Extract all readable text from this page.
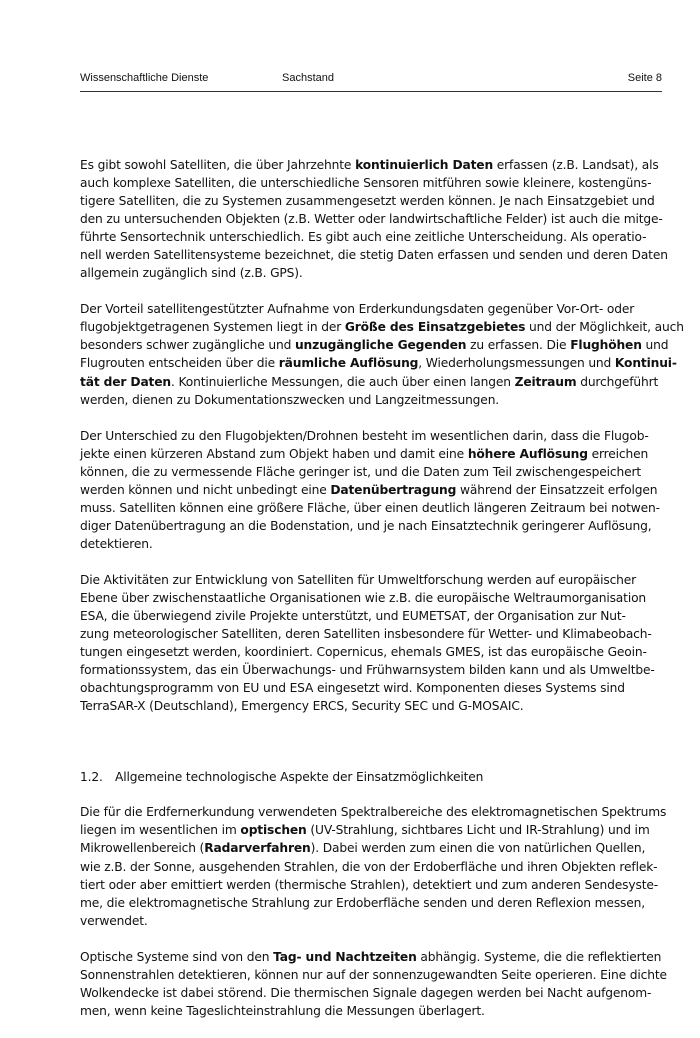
Wissenschaftliche Dienste	Sachstand	Seite 8

Es gibt sowohl Satelliten, die über Jahrzehnte kontinuierlich Daten erfassen (z.B. Landsat), als
auch komplexe Satelliten, die unterschiedliche Sensoren mitführen sowie kleinere, kostengüns-
tigere Satelliten, die zu Systemen zusammengesetzt werden können. Je nach Einsatzgebiet und
den zu untersuchenden Objekten (z.B. Wetter oder landwirtschaftliche Felder) ist auch die mitge-
führte Sensortechnik unterschiedlich. Es gibt auch eine zeitliche Unterscheidung. Als operatio-
nell werden Satellitensysteme bezeichnet, die stetig Daten erfassen und senden und deren Daten
allgemein zugänglich sind (z.B. GPS).

Der Vorteil satellitengestützter Aufnahme von Erderkundungsdaten gegenüber Vor-Ort- oder
flugobjektgetragenen Systemen liegt in der Größe des Einsatzgebietes und der Möglichkeit, auch
besonders schwer zugängliche und unzugängliche Gegenden zu erfassen. Die Flughöhen und
Flugrouten entscheiden über die räumliche Auflösung, Wiederholungsmessungen und Kontinui-
tät der Daten. Kontinuierliche Messungen, die auch über einen langen Zeitraum durchgeführt
werden, dienen zu Dokumentationszwecken und Langzeitmessungen.

Der Unterschied zu den Flugobjekten/Drohnen besteht im wesentlichen darin, dass die Flugob-
jekte einen kürzeren Abstand zum Objekt haben und damit eine höhere Auflösung erreichen
können, die zu vermessende Fläche geringer ist, und die Daten zum Teil zwischengespeichert
werden können und nicht unbedingt eine Datenübertragung während der Einsatzzeit erfolgen
muss. Satelliten können eine größere Fläche, über einen deutlich längeren Zeitraum bei notwen-
diger Datenübertragung an die Bodenstation, und je nach Einsatztechnik geringerer Auflösung,
detektieren.

Die Aktivitäten zur Entwicklung von Satelliten für Umweltforschung werden auf europäischer
Ebene über zwischenstaatliche Organisationen wie z.B. die europäische Weltraumorganisation
ESA, die überwiegend zivile Projekte unterstützt, und EUMETSAT, der Organisation zur Nut-
zung meteorologischer Satelliten, deren Satelliten insbesondere für Wetter- und Klimabeobach-
tungen eingesetzt werden, koordiniert. Copernicus, ehemals GMES, ist das europäische Geoin-
formationssystem, das ein Überwachungs- und Frühwarnsystem bilden kann und als Umweltbe-
obachtungsprogramm von EU und ESA eingesetzt wird. Komponenten dieses Systems sind
TerraSAR-X (Deutschland), Emergency ERCS, Security SEC und G-MOSAIC.

1.2. Allgemeine technologische Aspekte der Einsatzmöglichkeiten

Die für die Erdfernerkundung verwendeten Spektralbereiche des elektromagnetischen Spektrums
liegen im wesentlichen im optischen (UV-Strahlung, sichtbares Licht und IR-Strahlung) und im
Mikrowellenbereich (Radarverfahren). Dabei werden zum einen die von natürlichen Quellen,
wie z.B. der Sonne, ausgehenden Strahlen, die von der Erdoberfläche und ihren Objekten reflek-
tiert oder aber emittiert werden (thermische Strahlen), detektiert und zum anderen Sendesyste-
me, die elektromagnetische Strahlung zur Erdoberfläche senden und deren Reflexion messen,
verwendet.

Optische Systeme sind von den Tag- und Nachtzeiten abhängig. Systeme, die die reflektierten
Sonnenstrahlen detektieren, können nur auf der sonnenzugewandten Seite operieren. Eine dichte
Wolkendecke ist dabei störend. Die thermischen Signale dagegen werden bei Nacht aufgenom-
men, wenn keine Tageslichteinstrahlung die Messungen überlagert.
